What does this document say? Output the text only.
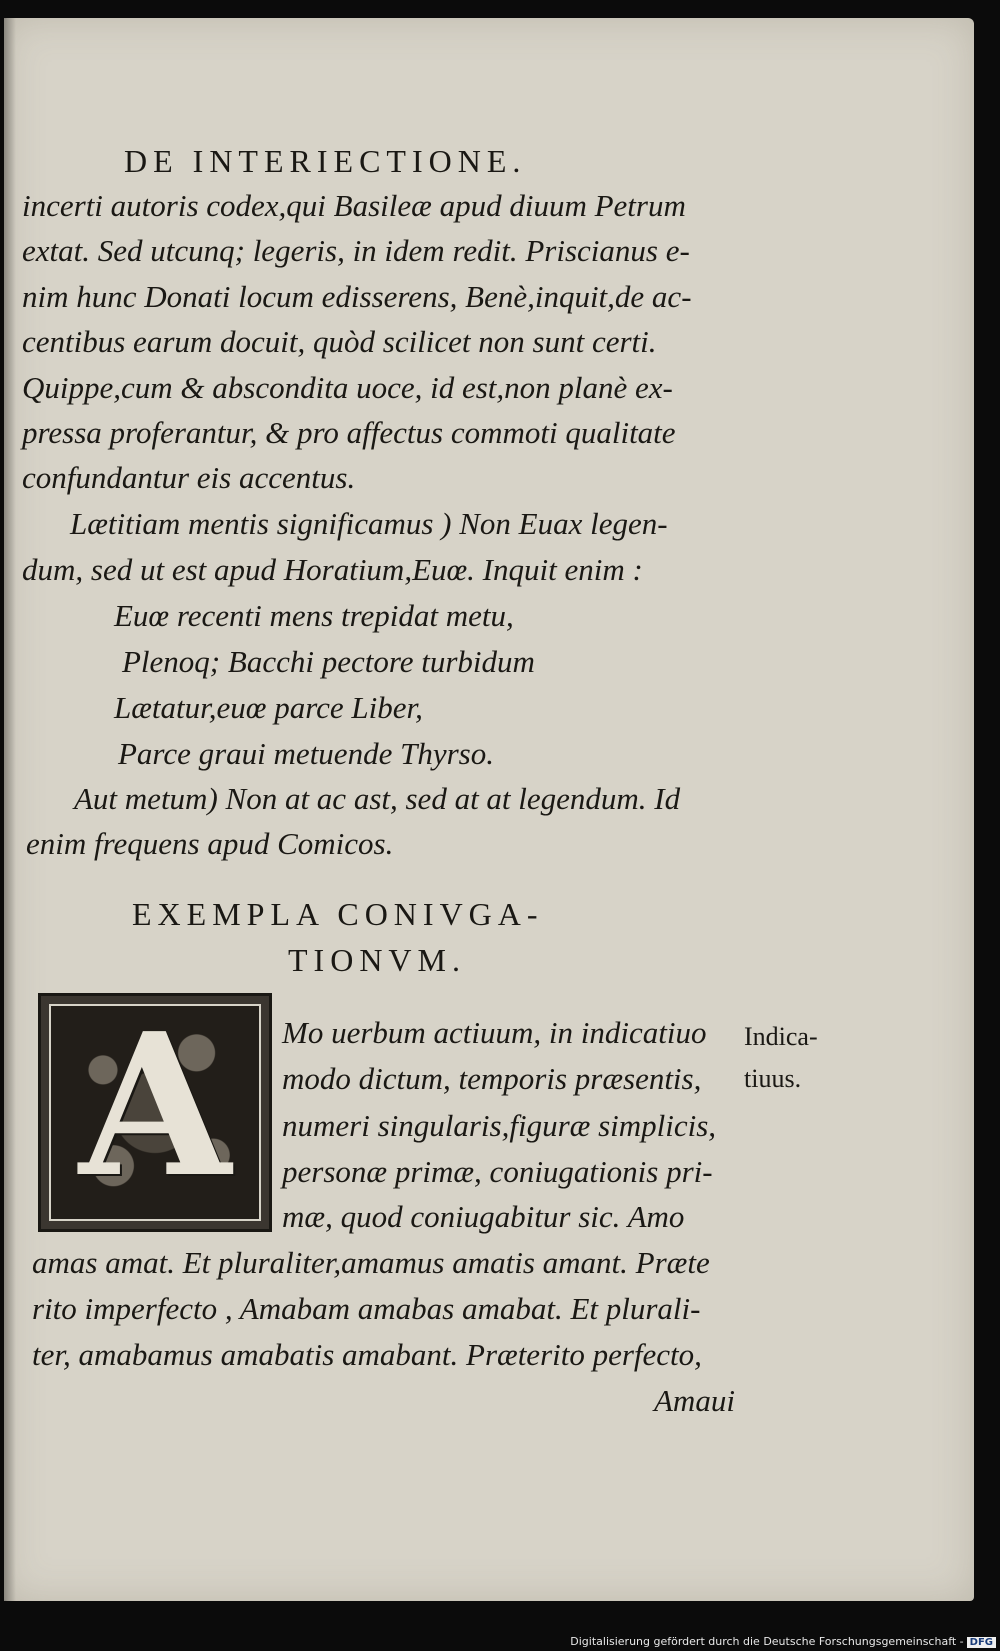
DE INTERIECTIONE.
incerti autoris codex,qui Basileæ apud diuum Petrum
extat. Sed utcunq; legeris, in idem redit. Priscianus e-
nim hunc Donati locum edisserens, Benè,inquit,de ac-
centibus earum docuit, quòd scilicet non sunt certi.
Quippe,cum & abscondita uoce, id est,non planè ex-
pressa proferantur, & pro affectus commoti qualitate
confundantur eis accentus.
Lætitiam mentis significamus ) Non Euax legen-
dum, sed ut est apud Horatium,Euœ. Inquit enim :
Euœ recenti mens trepidat metu,
Plenoq; Bacchi pectore turbidum
Lætatur,euœ parce Liber,
Parce graui metuende Thyrso.
Aut metum) Non at ac ast, sed at at legendum. Id
enim frequens apud Comicos.
EXEMPLA CONIVGA-
TIONVM.
A	Mo uerbum actiuum, in indicatiuo
modo dictum, temporis præsentis,
numeri singularis,figuræ simplicis,
personæ primæ, coniugationis pri-
mæ, quod coniugabitur sic. Amo
Indica-
tiuus.
amas amat. Et pluraliter,amamus amatis amant. Præte
rito imperfecto , Amabam amabas amabat. Et plurali-
ter, amabamus amabatis amabant. Præterito perfecto,
Amaui
Digitalisierung gefördert durch die Deutsche Forschungsgemeinschaft - DFG
